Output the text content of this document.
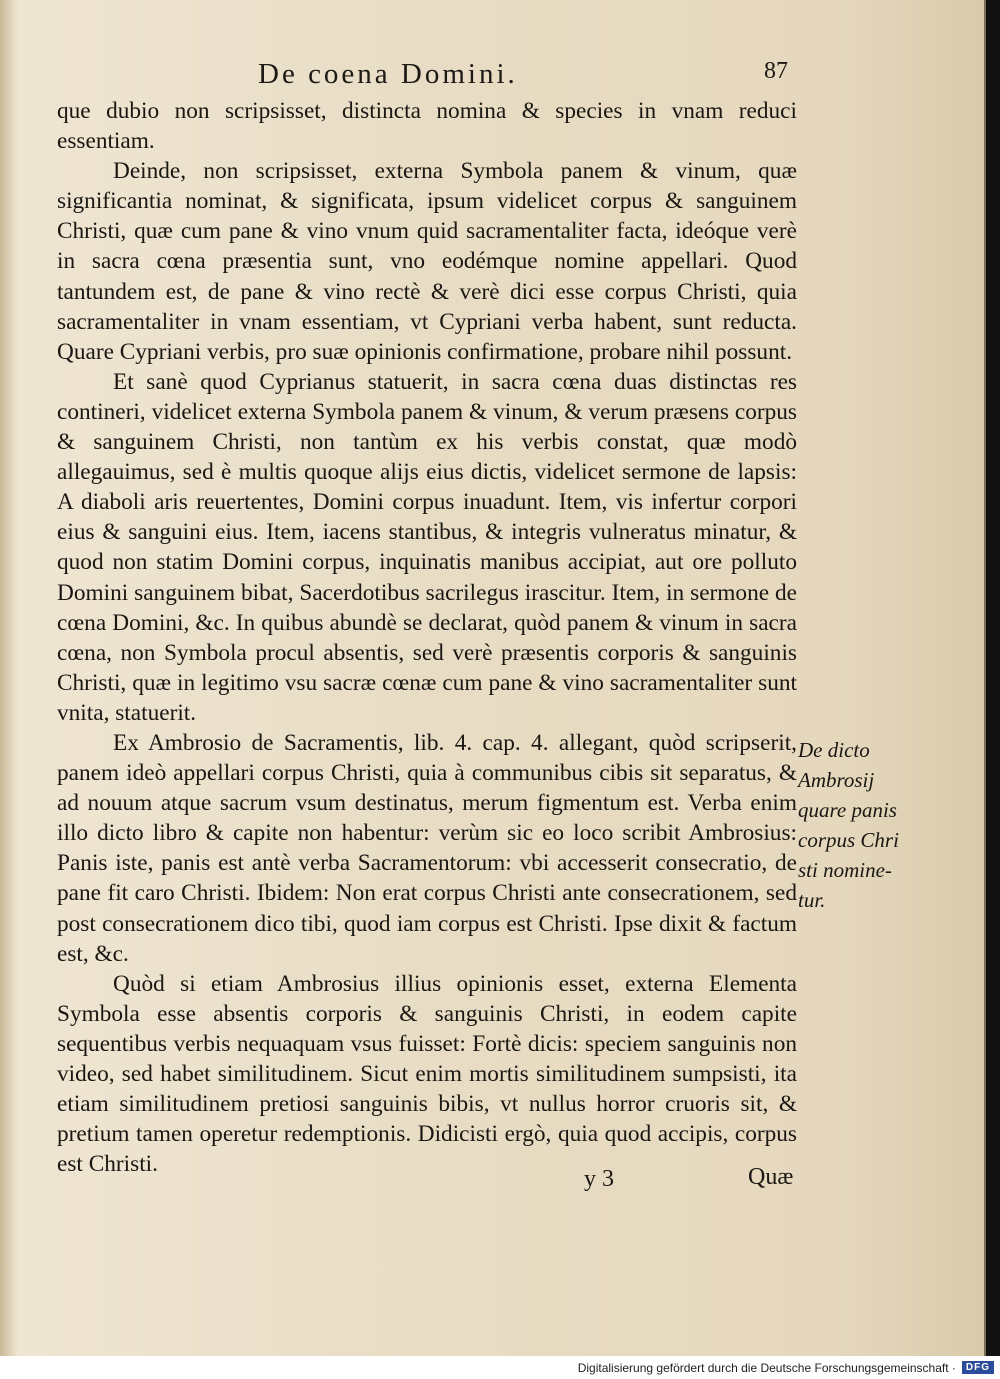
De coena Domini.	87

que dubio non scripsisset, distincta nomina & species in vnam reduci essentiam.

Deinde, non scripsisset, externa Symbola panem & vinum, quæ significantia nominat, & significata, ipsum videlicet corpus & sanguinem Christi, quæ cum pane & vino vnum quid sacramentaliter facta, ideóque verè in sacra cœna præsentia sunt, vno eodémque nomine appellari. Quod tantundem est, de pane & vino rectè & verè dici esse corpus Christi, quia sacramentaliter in vnam essentiam, vt Cypriani verba habent, sunt reducta. Quare Cypriani verbis, pro suæ opinionis confirmatione, probare nihil possunt.

Et sanè quod Cyprianus statuerit, in sacra cœna duas distinctas res contineri, videlicet externa Symbola panem & vinum, & verum præsens corpus & sanguinem Christi, non tantùm ex his verbis constat, quæ modò allegauimus, sed è multis quoque alijs eius dictis, videlicet sermone de lapsis: A diaboli aris reuertentes, Domini corpus inuadunt. Item, vis infertur corpori eius & sanguini eius. Item, iacens stantibus, & integris vulneratus minatur, & quod non statim Domini corpus, inquinatis manibus accipiat, aut ore polluto Domini sanguinem bibat, Sacerdotibus sacrilegus irascitur. Item, in sermone de cœna Domini, &c. In quibus abundè se declarat, quòd panem & vinum in sacra cœna, non Symbola procul absentis, sed verè præsentis corporis & sanguinis Christi, quæ in legitimo vsu sacræ cœnæ cum pane & vino sacramentaliter sunt vnita, statuerit.

Ex Ambrosio de Sacramentis, lib. 4. cap. 4. allegant, quòd scripserit, panem ideò appellari corpus Christi, quia à communibus cibis sit separatus, & ad nouum atque sacrum vsum destinatus, merum figmentum est. Verba enim illo dicto libro & capite non habentur: verùm sic eo loco scribit Ambrosius: Panis iste, panis est antè verba Sacramentorum: vbi accesserit consecratio, de pane fit caro Christi. Ibidem: Non erat corpus Christi ante consecrationem, sed post consecrationem dico tibi, quod iam corpus est Christi. Ipse dixit & factum est, &c.

Quòd si etiam Ambrosius illius opinionis esset, externa Elementa Symbola esse absentis corporis & sanguinis Christi, in eodem capite sequentibus verbis nequaquam vsus fuisset: Fortè dicis: speciem sanguinis non video, sed habet similitudinem. Sicut enim mortis similitudinem sumpsisti, ita etiam similitudinem pretiosi sanguinis bibis, vt nullus horror cruoris sit, & pretium tamen operetur redemptionis. Didicisti ergò, quia quod accipis, corpus est Christi.

De dicto
Ambrosij
quare panis
corpus Chri
sti nomine-
tur.
y 3	Quæ
Digitalisierung gefördert durch die Deutsche Forschungsgemeinschaft ·	DFG
